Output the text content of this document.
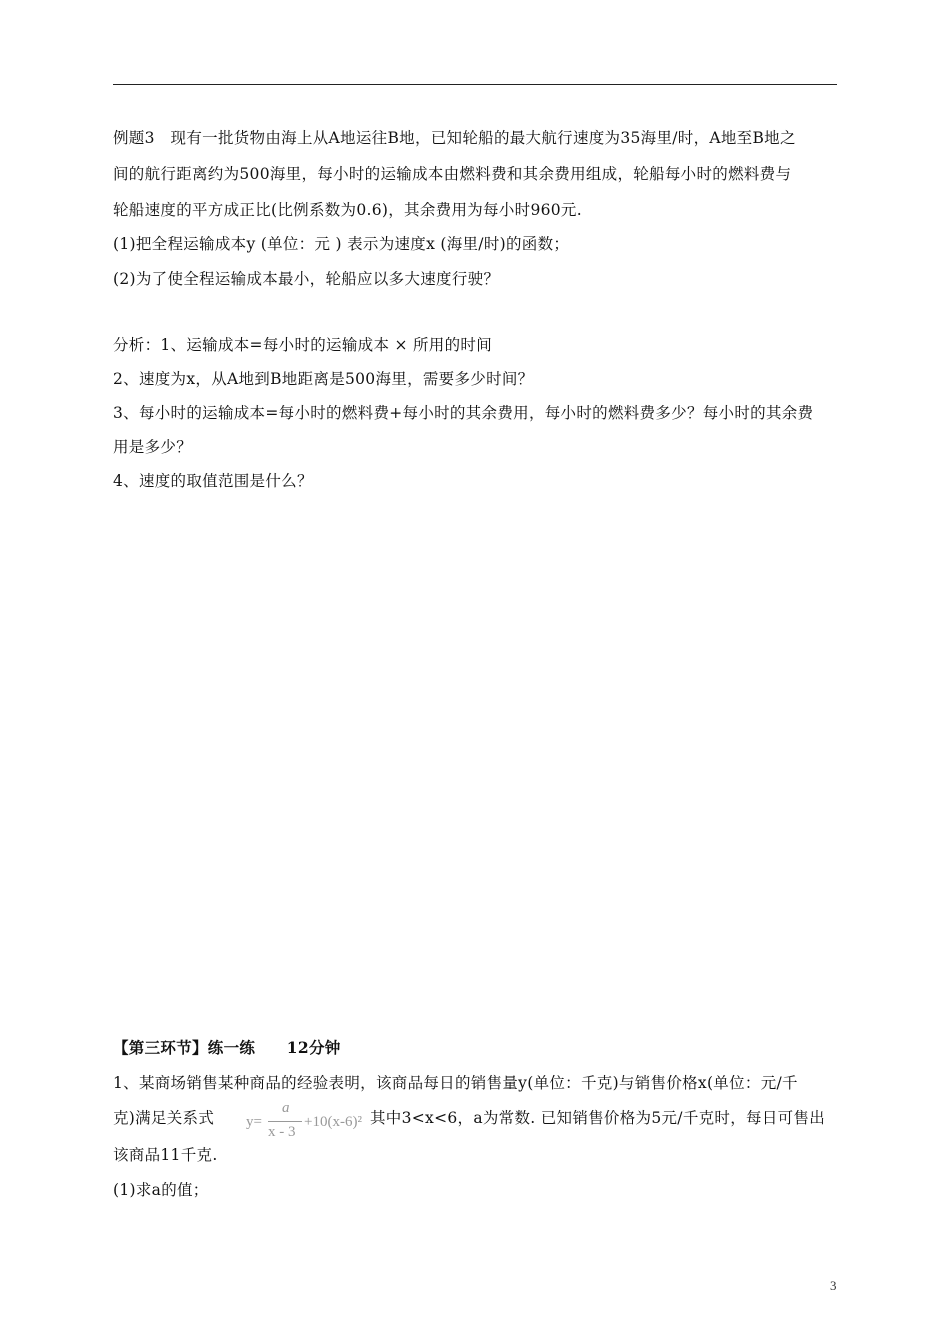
例题3　现有一批货物由海上从A地运往B地，已知轮船的最大航行速度为35海里/时，A地至B地之
间的航行距离约为500海里，每小时的运输成本由燃料费和其余费用组成，轮船每小时的燃料费与
轮船速度的平方成正比(比例系数为0.6)，其余费用为每小时960元.
(1)把全程运输成本y (单位：元 ) 表示为速度x (海里/时)的函数；
(2)为了使全程运输成本最小，轮船应以多大速度行驶？
分析：1、运输成本=每小时的运输成本 × 所用的时间
2、速度为x，从A地到B地距离是500海里，需要多少时间？
3、每小时的运输成本=每小时的燃料费+每小时的其余费用，每小时的燃料费多少？每小时的其余费
用是多少？
4、速度的取值范围是什么？
【第三环节】练一练　　12分钟
1、某商场销售某种商品的经验表明，该商品每日的销售量y(单位：千克)与销售价格x(单位：元/千
克)满足关系式	y=
a
x - 3
+10(x-6)² 其中3<x<6，a为常数. 已知销售价格为5元/千克时，每日可售出
该商品11千克.
(1)求a的值；
3
